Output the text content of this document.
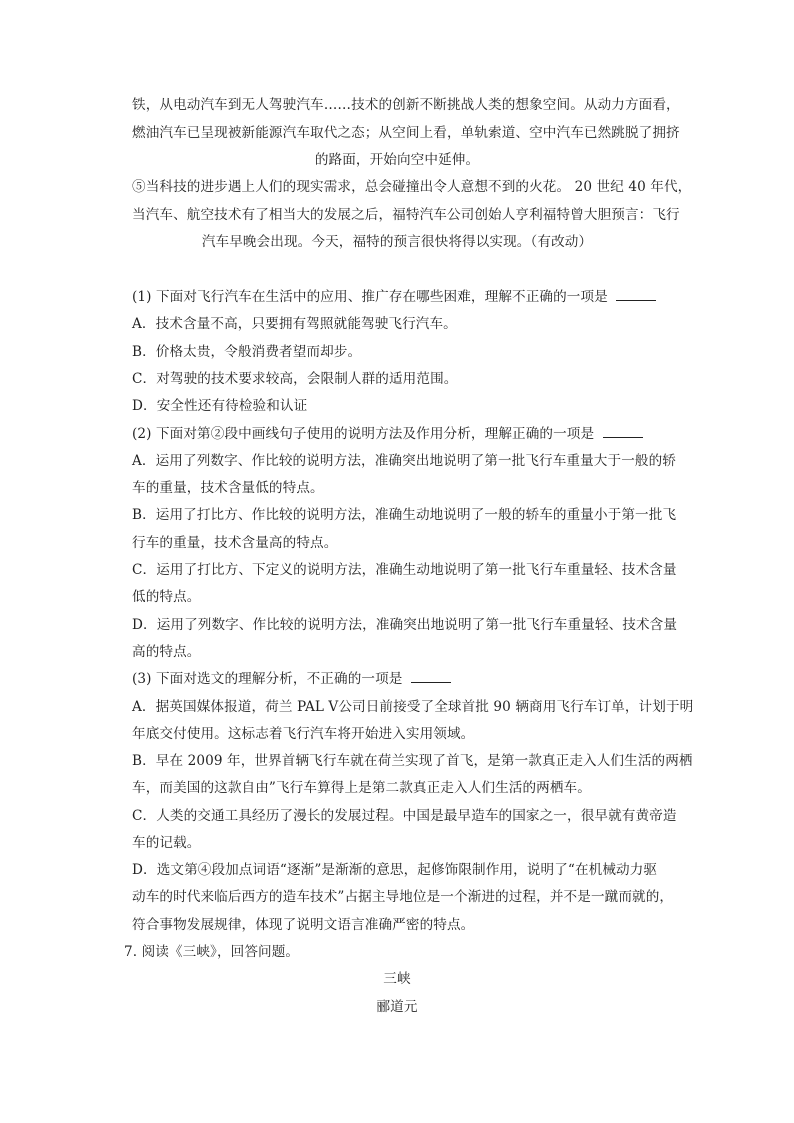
铁，从电动汽车到无人驾驶汽车……技术的创新不断挑战人类的想象空间。从动力方面看，
燃油汽车已呈现被新能源汽车取代之态；从空间上看，单轨索道、空中汽车已然跳脱了拥挤
的路面，开始向空中延伸。
⑤当科技的进步遇上人们的现实需求，总会碰撞出令人意想不到的火花。 20 世纪 40 年代，
当汽车、航空技术有了相当大的发展之后，福特汽车公司创始人亨利福特曾大胆预言：飞行
汽车早晚会出现。今天，福特的预言很快将得以实现。（有改动）
(1) 下面对飞行汽车在生活中的应用、推广存在哪些困难，理解不正确的一项是
A．技术含量不高，只要拥有驾照就能驾驶飞行汽车。
B．价格太贵，令般消费者望而却步。
C．对驾驶的技术要求较高，会限制人群的适用范围。
D．安全性还有待检验和认证
(2) 下面对第②段中画线句子使用的说明方法及作用分析，理解正确的一项是
A．运用了列数字、作比较的说明方法，准确突出地说明了第一批飞行车重量大于一般的轿
车的重量，技术含量低的特点。
B．运用了打比方、作比较的说明方法，准确生动地说明了一般的轿车的重量小于第一批飞
行车的重量，技术含量高的特点。
C．运用了打比方、下定义的说明方法，准确生动地说明了第一批飞行车重量轻、技术含量
低的特点。
D．运用了列数字、作比较的说明方法，准确突出地说明了第一批飞行车重量轻、技术含量
高的特点。
(3) 下面对选文的理解分析，不正确的一项是
A．据英国媒体报道，荷兰 PAL V公司日前接受了全球首批 90 辆商用飞行车订单，计划于明
年底交付使用。这标志着飞行汽车将开始进入实用领域。
B．早在 2009 年，世界首辆飞行车就在荷兰实现了首飞，是第一款真正走入人们生活的两栖
车，而美国的这款自由”飞行车算得上是第二款真正走入人们生活的两栖车。
C．人类的交通工具经历了漫长的发展过程。中国是最早造车的国家之一，很早就有黄帝造
车的记载。
D．选文第④段加点词语“逐渐”是渐渐的意思，起修饰限制作用，说明了“在机械动力驱
动车的时代来临后西方的造车技术”占据主导地位是一个渐进的过程，并不是一蹴而就的，
符合事物发展规律，体现了说明文语言准确严密的特点。
7. 阅读《三峡》，回答问题。
三峡
郦道元
